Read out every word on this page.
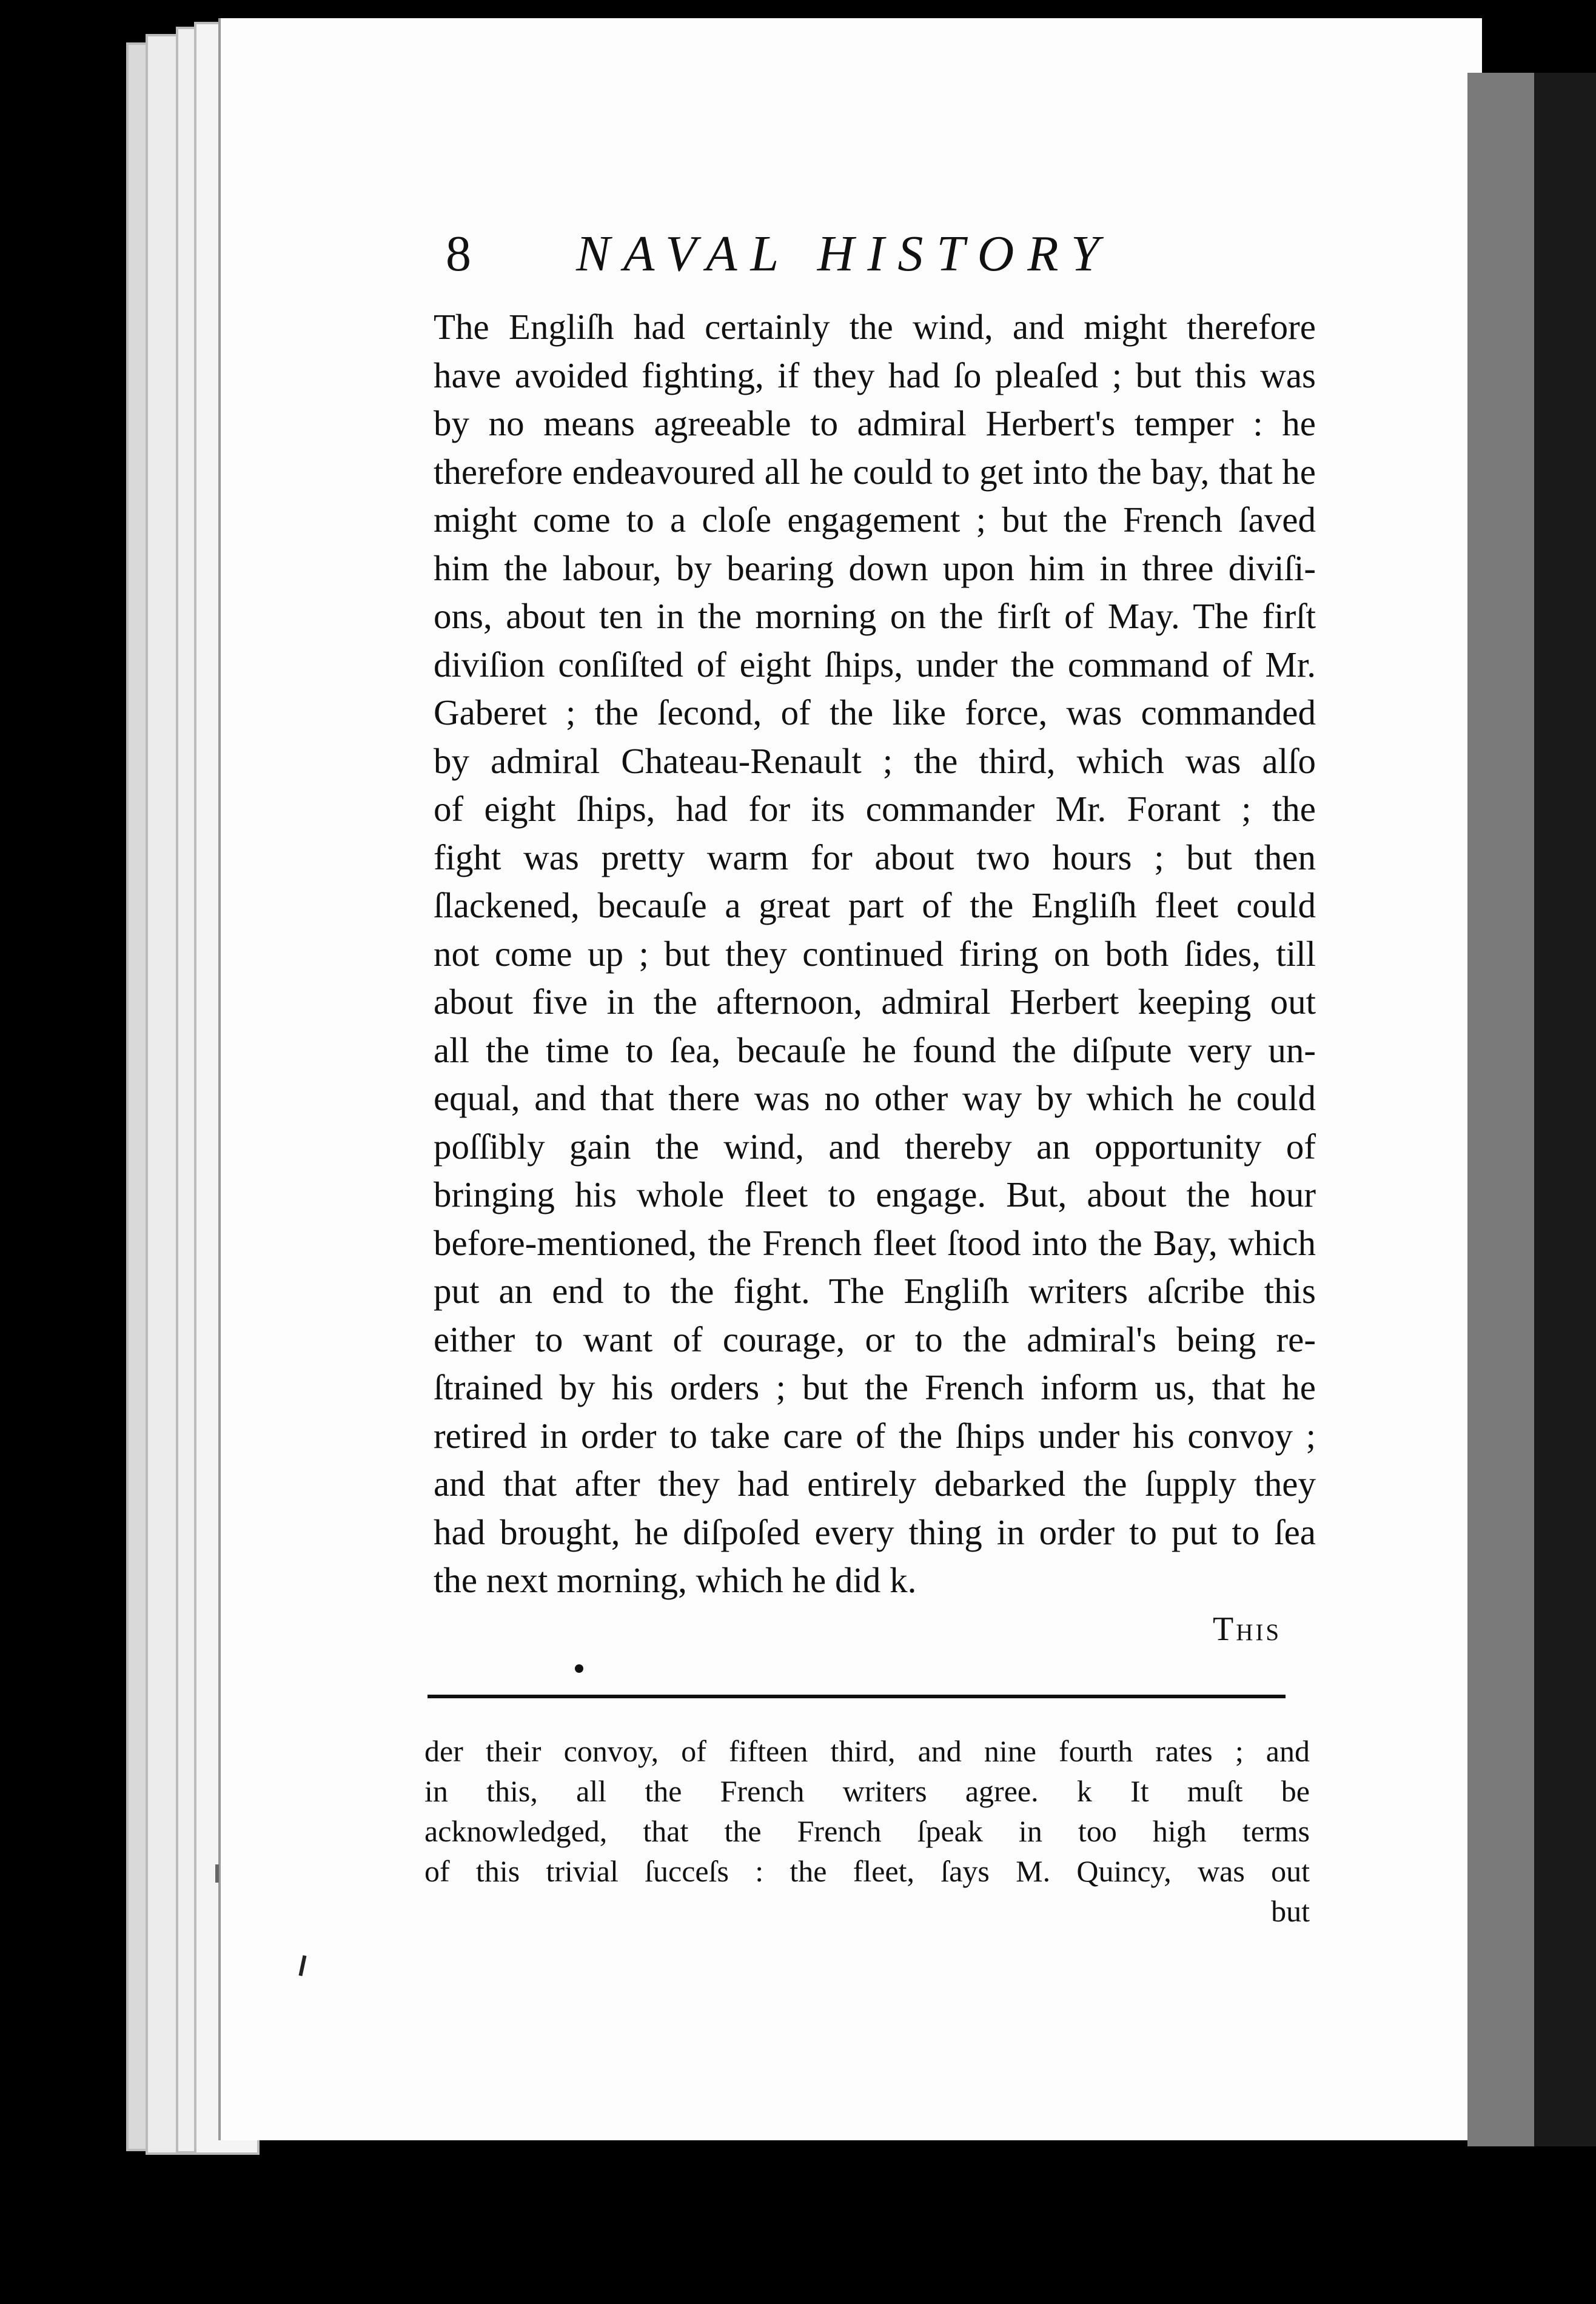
8 NAVAL HISTORY
The Engliſh had certainly the wind, and might therefore
have avoided fighting, if they had ſo pleaſed ; but this was
by no means agreeable to admiral Herbert's temper : he
therefore endeavoured all he could to get into the bay, that he
might come to a cloſe engagement ; but the French ſaved
him the labour, by bearing down upon him in three diviſi-
ons, about ten in the morning on the firſt of May. The firſt
diviſion conſiſted of eight ſhips, under the command of Mr.
Gaberet ; the ſecond, of the like force, was commanded
by admiral Chateau-Renault ; the third, which was alſo
of eight ſhips, had for its commander Mr. Forant ; the
fight was pretty warm for about two hours ; but then
ſlackened, becauſe a great part of the Engliſh fleet could
not come up ; but they continued firing on both ſides, till
about five in the afternoon, admiral Herbert keeping out
all the time to ſea, becauſe he found the diſpute very un-
equal, and that there was no other way by which he could
poſſibly gain the wind, and thereby an opportunity of
bringing his whole fleet to engage. But, about the hour
before-mentioned, the French fleet ſtood into the Bay, which
put an end to the fight. The Engliſh writers aſcribe this
either to want of courage, or to the admiral's being re-
ſtrained by his orders ; but the French inform us, that he
retired in order to take care of the ſhips under his convoy ;
and that after they had entirely debarked the ſupply they
had brought, he diſpoſed every thing in order to put to ſea
the next morning, which he did k.
This
der their convoy, of fifteen third, and nine fourth rates ; and
in this, all the French writers agree. k It muſt be
acknowledged, that the French ſpeak in too high terms
of this trivial ſucceſs : the fleet, ſays M. Quincy, was out
but
